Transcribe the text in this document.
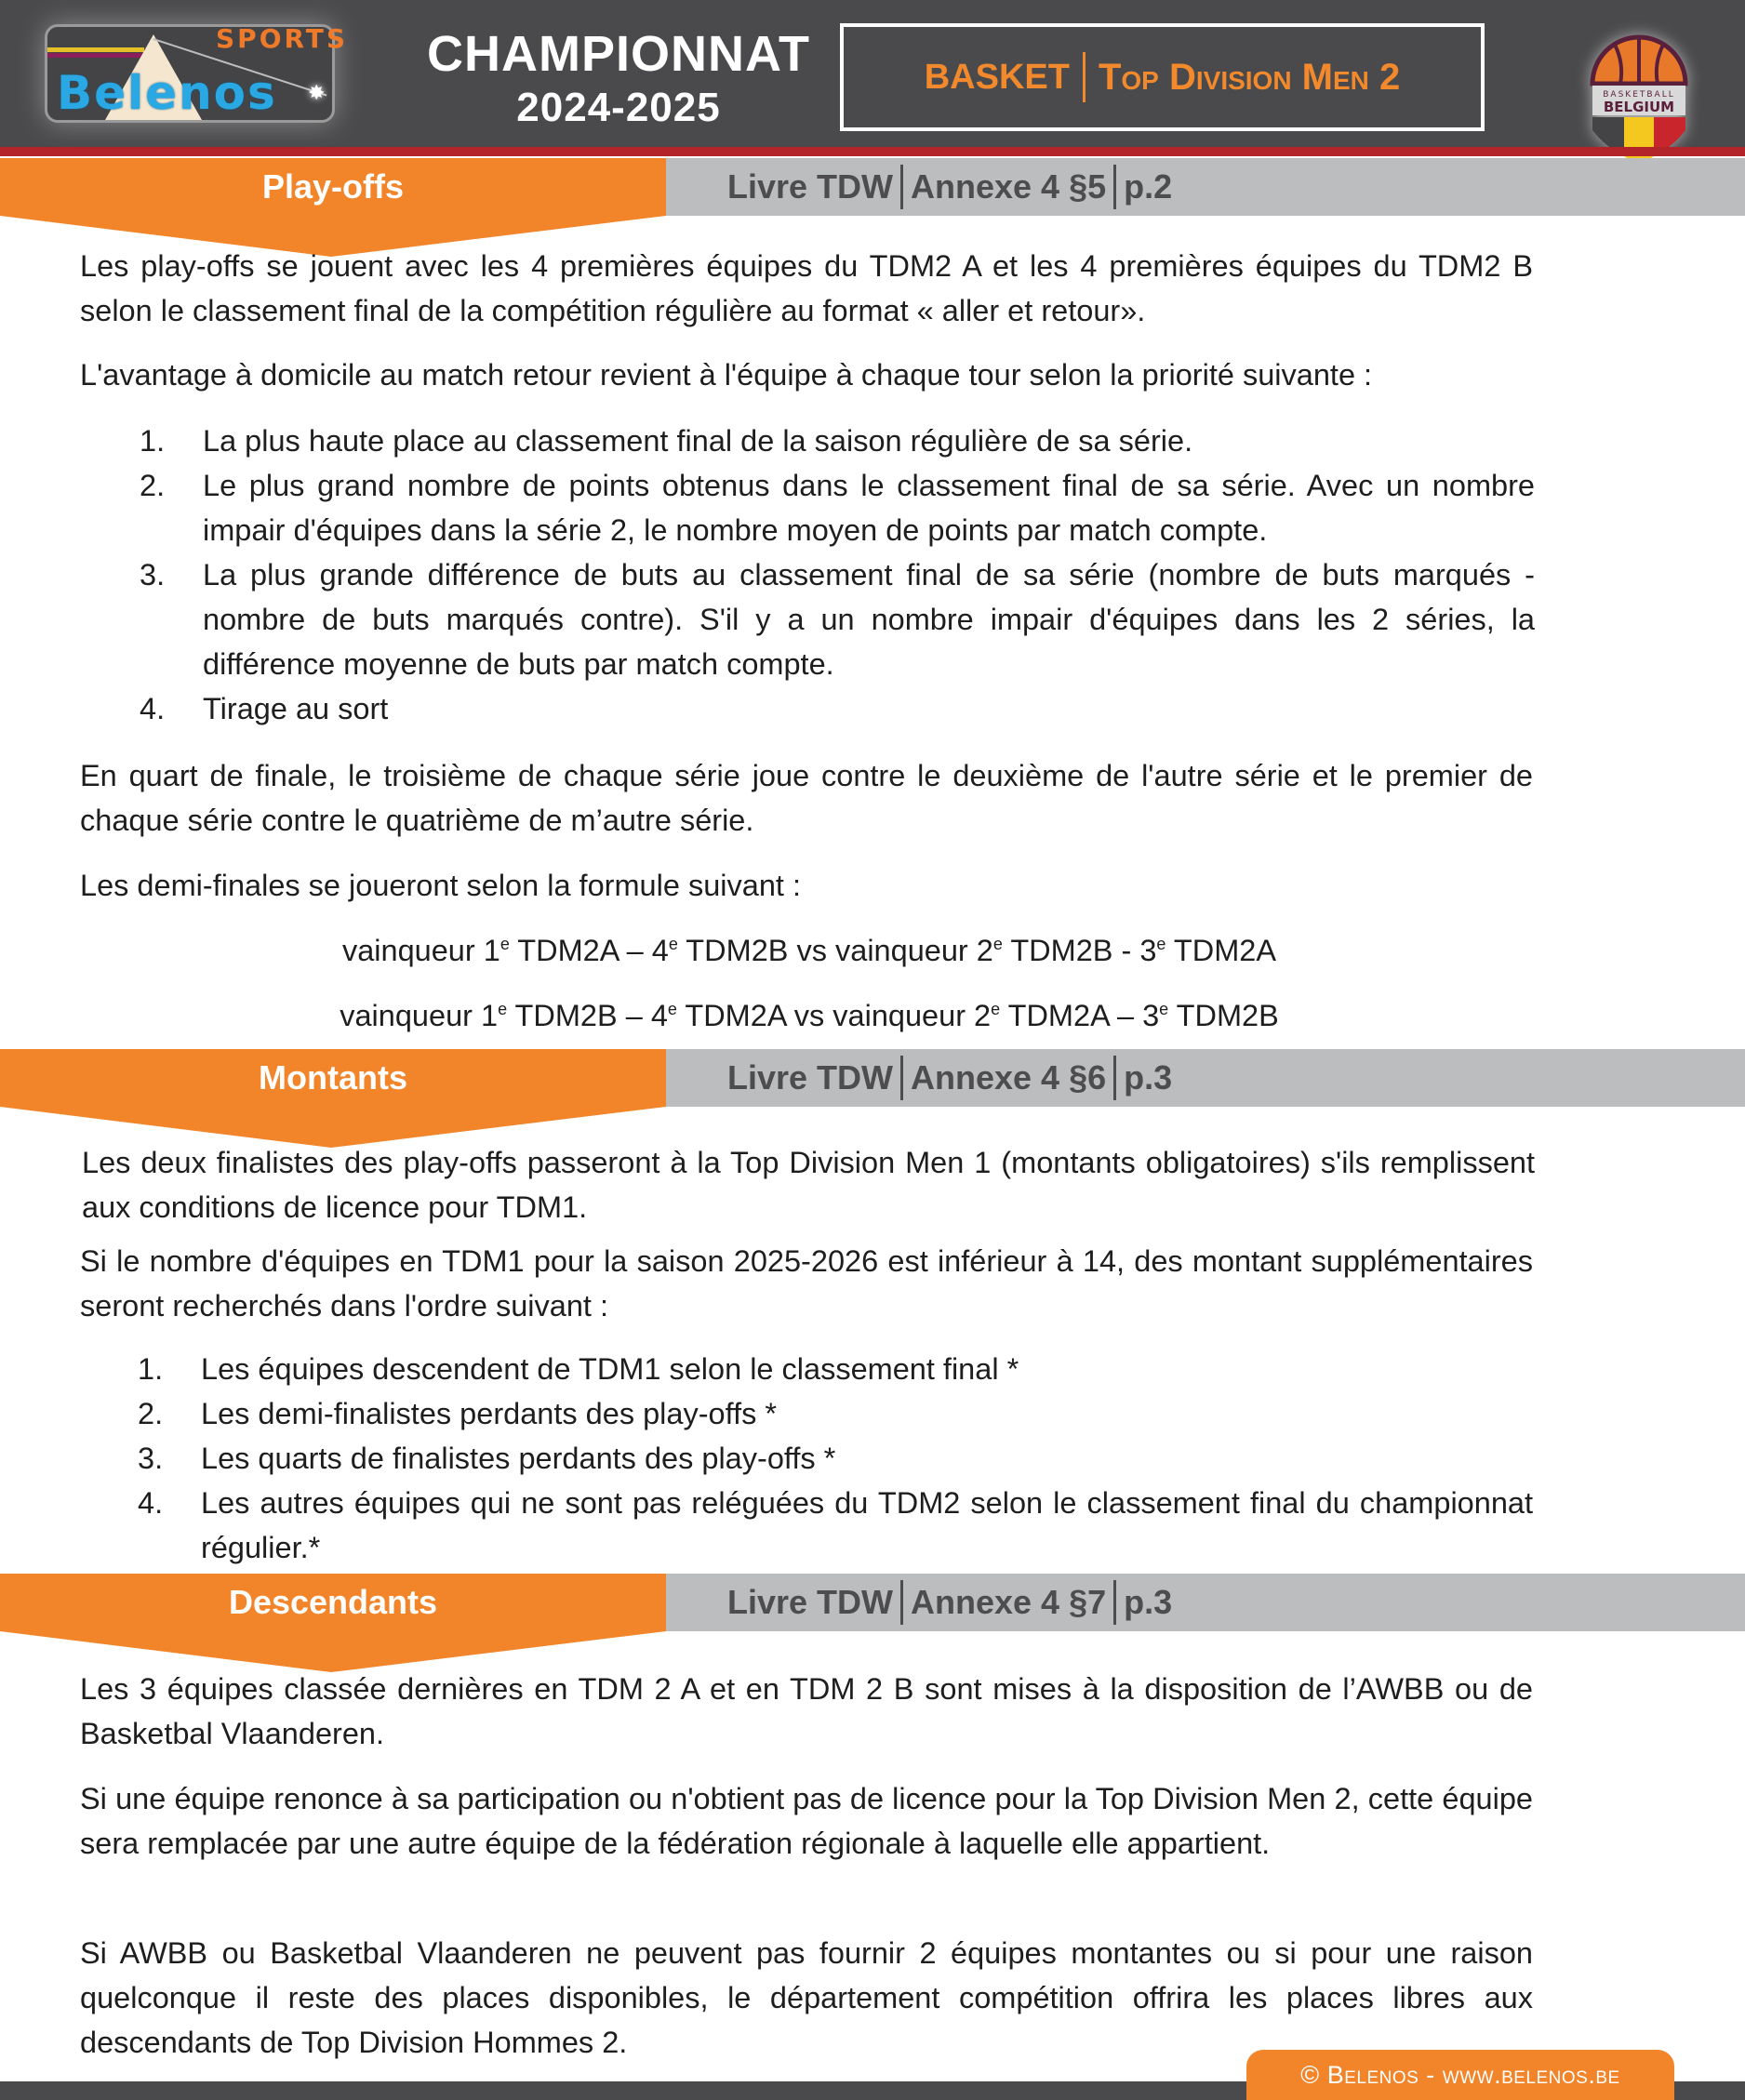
✸
Belenos
SPORTS	CHAMPIONNAT
2024-2025
BASKET Top Division Men 2	BASKETBALL
BELGIUM
Play-offs	Livre TDW Annexe 4 §5 p.2
Les play-offs se jouent avec les 4 premières équipes du TDM2 A et les 4 premières équipes du TDM2 B selon le classement final de la compétition régulière au format « aller et retour».
L'avantage à domicile au match retour revient à l'équipe à chaque tour selon la priorité suivante :
1. La plus haute place au classement final de la saison régulière de sa série.
2. Le plus grand nombre de points obtenus dans le classement final de sa série. Avec un nombre impair d'équipes dans la série 2, le nombre moyen de points par match compte.
3. La plus grande différence de buts au classement final de sa série (nombre de buts marqués - nombre de buts marqués contre). S'il y a un nombre impair d'équipes dans les 2 séries, la différence moyenne de buts par match compte.
4. Tirage au sort
En quart de finale, le troisième de chaque série joue contre le deuxième de l'autre série et le premier de chaque série contre le quatrième de m’autre série.
Les demi-finales se joueront selon la formule suivant :
vainqueur 1e TDM2A – 4e TDM2B vs vainqueur 2e TDM2B - 3e TDM2A
vainqueur 1e TDM2B – 4e TDM2A vs vainqueur 2e TDM2A – 3e TDM2B
Montants	Livre TDW Annexe 4 §6 p.3
Les deux finalistes des play-offs passeront à la Top Division Men 1 (montants obligatoires) s'ils remplissent aux conditions de licence pour TDM1.
Si le nombre d'équipes en TDM1 pour la saison 2025-2026 est inférieur à 14, des montant supplémentaires seront recherchés dans l'ordre suivant :
1. Les équipes descendent de TDM1 selon le classement final *
2. Les demi-finalistes perdants des play-offs *
3. Les quarts de finalistes perdants des play-offs *
4. Les autres équipes qui ne sont pas reléguées du TDM2 selon le classement final du championnat régulier.*
Descendants	Livre TDW Annexe 4 §7 p.3
Les 3 équipes classée dernières en TDM 2 A et en TDM 2 B sont mises à la disposition de l’AWBB ou de Basketbal Vlaanderen.
Si une équipe renonce à sa participation ou n'obtient pas de licence pour la Top Division Men 2, cette équipe sera remplacée par une autre équipe de la fédération régionale à laquelle elle appartient.
Si AWBB ou Basketbal Vlaanderen ne peuvent pas fournir 2 équipes montantes ou si pour une raison quelconque il reste des places disponibles, le département compétition offrira les places libres aux descendants de Top Division Hommes 2.
© Belenos - www.belenos.be
